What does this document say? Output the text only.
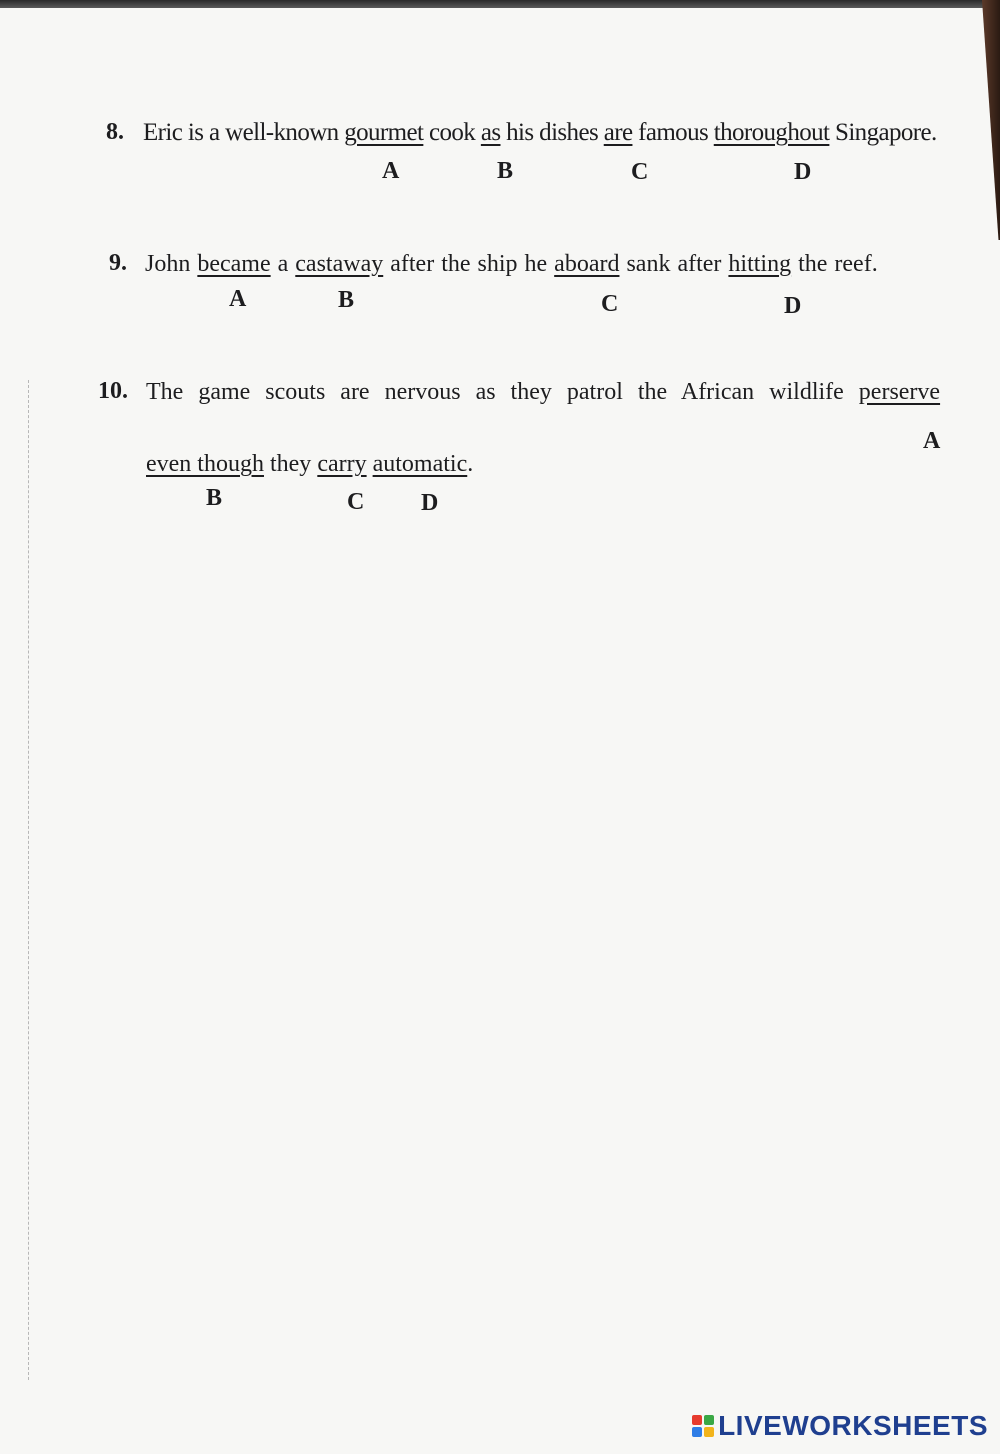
8. Eric is a well-known gourmet cook as his dishes are famous thoroughout Singapore.
A	B	C	D
9. John became a castaway after the ship he aboard sank after hitting the reef.
A	B	C	D
10. The game scouts are nervous as they patrol the African wildlife perserve
A
even though they carry automatic.
B	C D
LIVEWORKSHEETS
